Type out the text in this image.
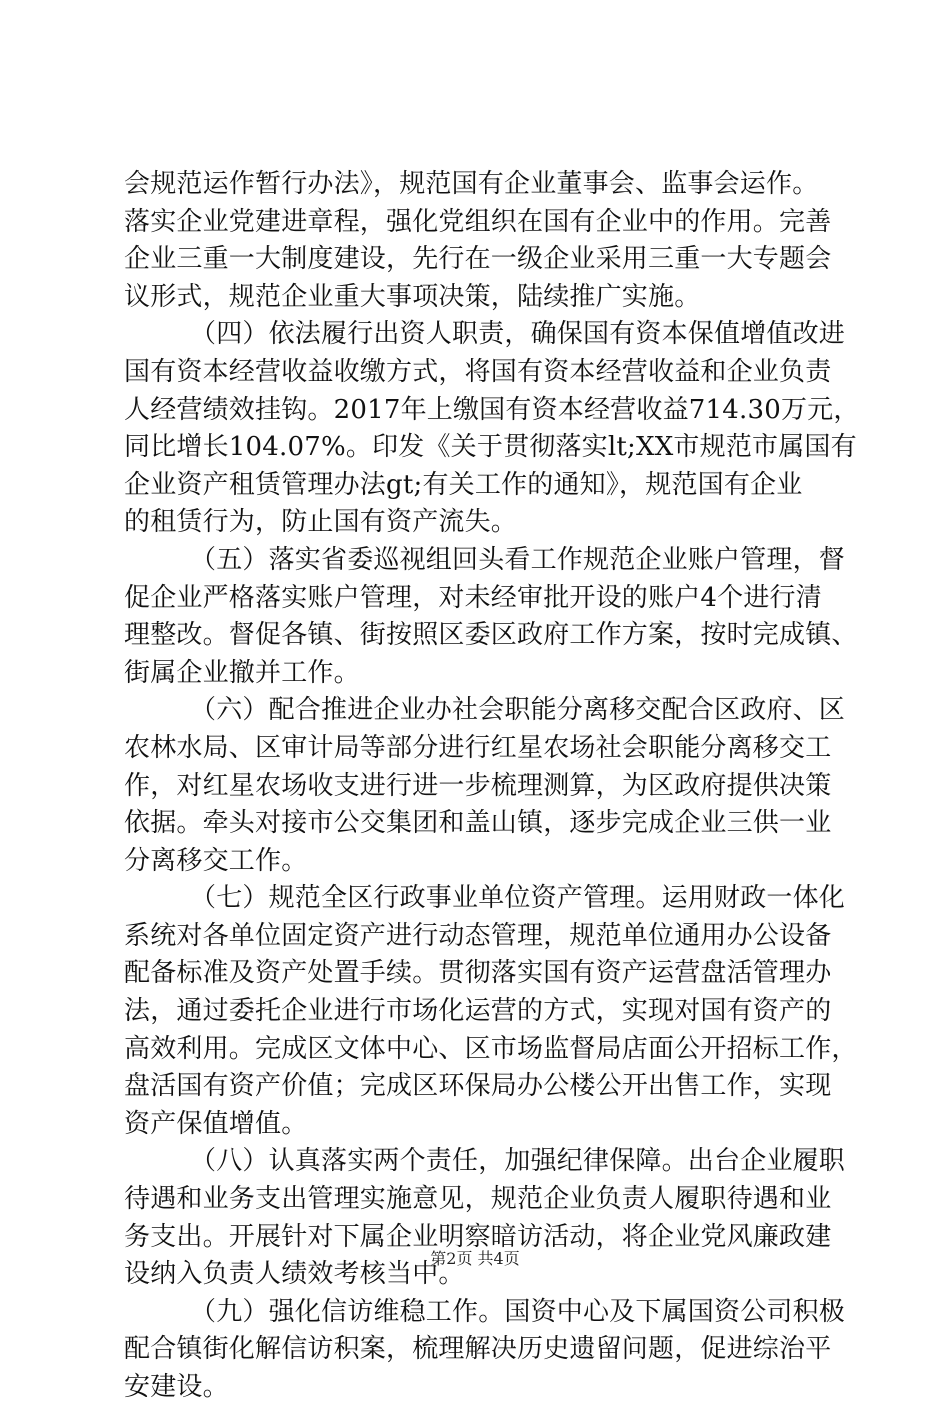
会规范运作暂行办法》，规范国有企业董事会、监事会运作。
落实企业党建进章程，强化党组织在国有企业中的作用。完善
企业三重一大制度建设，先行在一级企业采用三重一大专题会
议形式，规范企业重大事项决策，陆续推广实施。
（四）依法履行出资人职责，确保国有资本保值增值改进
国有资本经营收益收缴方式，将国有资本经营收益和企业负责
人经营绩效挂钩。2017年上缴国有资本经营收益714.30万元，
同比增长104.07%。印发《关于贯彻落实lt;XX市规范市属国有
企业资产租赁管理办法gt;有关工作的通知》，规范国有企业
的租赁行为，防止国有资产流失。
（五）落实省委巡视组回头看工作规范企业账户管理，督
促企业严格落实账户管理，对未经审批开设的账户4个进行清
理整改。督促各镇、街按照区委区政府工作方案，按时完成镇、
街属企业撤并工作。
（六）配合推进企业办社会职能分离移交配合区政府、区
农林水局、区审计局等部分进行红星农场社会职能分离移交工
作，对红星农场收支进行进一步梳理测算，为区政府提供决策
依据。牵头对接市公交集团和盖山镇，逐步完成企业三供一业
分离移交工作。
（七）规范全区行政事业单位资产管理。运用财政一体化
系统对各单位固定资产进行动态管理，规范单位通用办公设备
配备标准及资产处置手续。贯彻落实国有资产运营盘活管理办
法，通过委托企业进行市场化运营的方式，实现对国有资产的
高效利用。完成区文体中心、区市场监督局店面公开招标工作，
盘活国有资产价值；完成区环保局办公楼公开出售工作，实现
资产保值增值。
（八）认真落实两个责任，加强纪律保障。出台企业履职
待遇和业务支出管理实施意见，规范企业负责人履职待遇和业
务支出。开展针对下属企业明察暗访活动，将企业党风廉政建
设纳入负责人绩效考核当中。
（九）强化信访维稳工作。国资中心及下属国资公司积极
配合镇街化解信访积案，梳理解决历史遗留问题，促进综治平
安建设。
第2页 共4页
